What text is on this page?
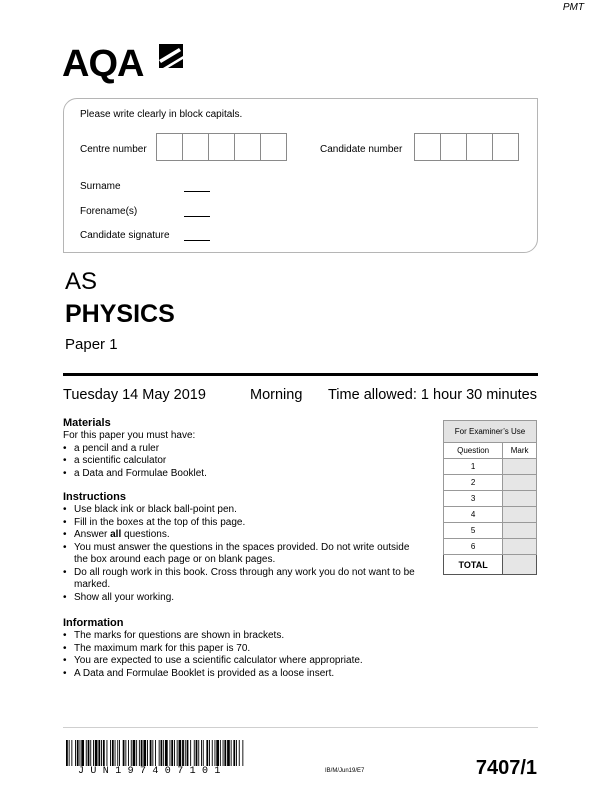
PMT
AQA
Please write clearly in block capitals.
Centre number	Candidate number
Surname
Forename(s)
Candidate signature
AS
PHYSICS
Paper 1
Tuesday 14 May 2019	Morning Time allowed: 1 hour 30 minutes
Materials
For this paper you must have:
• a pencil and a ruler
• a scientific calculator
• a Data and Formulae Booklet.
Instructions
• Use black ink or black ball-point pen.
• Fill in the boxes at the top of this page.
• Answer all questions.
• You must answer the questions in the spaces provided. Do not write outside the box around each page or on blank pages.
• Do all rough work in this book. Cross through any work you do not want to be marked.
• Show all your working.
Information
• The marks for questions are shown in brackets.
• The maximum mark for this paper is 70.
• You are expected to use a scientific calculator where appropriate.
• A Data and Formulae Booklet is provided as a loose insert.
For Examiner’s Use	
Question	Mark
1	
2	
3	
4	
5	
6	
TOTAL	
JUN197407101	IB/M/Jun19/E7	7407/1
